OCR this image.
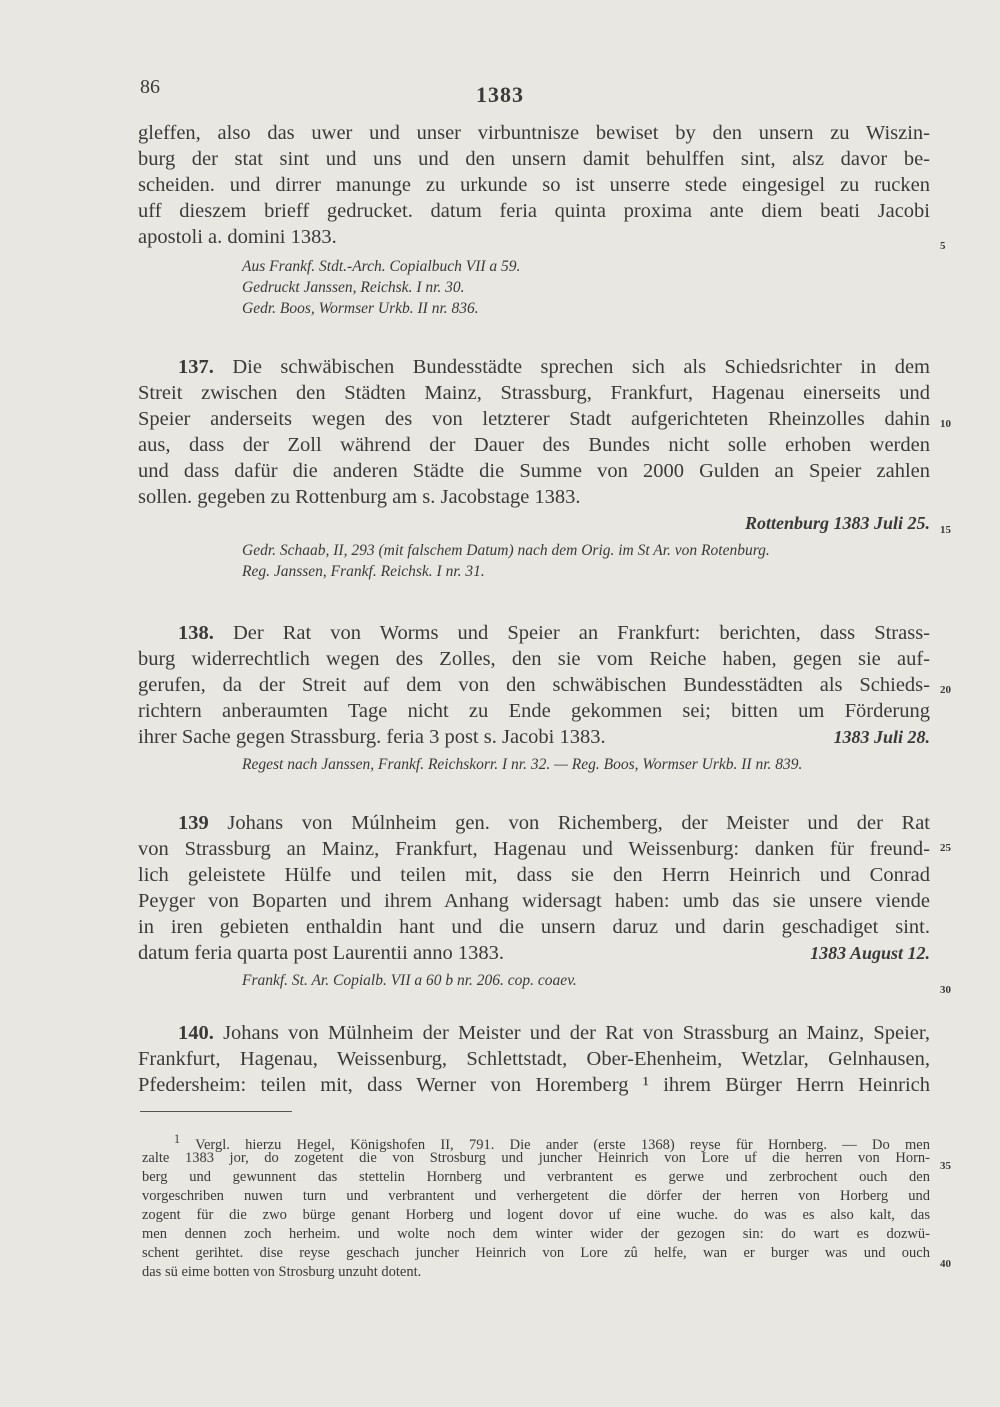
86	1383
gleffen, also das uwer und unser virbuntnisze bewiset by den unsern zu Wiszin-
burg der stat sint und uns und den unsern damit behulffen sint, alsz davor be-
scheiden. und dirrer manunge zu urkunde so ist unserre stede eingesigel zu rucken
uff dieszem brieff gedrucket. datum feria quinta proxima ante diem beati Jacobi
apostoli a. domini 1383.
Aus Frankf. Stdt.-Arch. Copialbuch VII a 59.
Gedruckt Janssen, Reichsk. I nr. 30.
Gedr. Boos, Wormser Urkb. II nr. 836.
137. Die schwäbischen Bundesstädte sprechen sich als Schiedsrichter in dem
Streit zwischen den Städten Mainz, Strassburg, Frankfurt, Hagenau einerseits und
Speier anderseits wegen des von letzterer Stadt aufgerichteten Rheinzolles dahin
aus, dass der Zoll während der Dauer des Bundes nicht solle erhoben werden
und dass dafür die anderen Städte die Summe von 2000 Gulden an Speier zahlen
sollen. gegeben zu Rottenburg am s. Jacobstage 1383.
Rottenburg 1383 Juli 25.
Gedr. Schaab, II, 293 (mit falschem Datum) nach dem Orig. im St Ar. von Rotenburg.
Reg. Janssen, Frankf. Reichsk. I nr. 31.
138. Der Rat von Worms und Speier an Frankfurt: berichten, dass Strass-
burg widerrechtlich wegen des Zolles, den sie vom Reiche haben, gegen sie auf-
gerufen, da der Streit auf dem von den schwäbischen Bundesstädten als Schieds-
richtern anberaumten Tage nicht zu Ende gekommen sei; bitten um Förderung
ihrer Sache gegen Strassburg. feria 3 post s. Jacobi 1383.	1383 Juli 28.
Regest nach Janssen, Frankf. Reichskorr. I nr. 32. — Reg. Boos, Wormser Urkb. II nr. 839.
139 Johans von Múlnheim gen. von Richemberg, der Meister und der Rat
von Strassburg an Mainz, Frankfurt, Hagenau und Weissenburg: danken für freund-
lich geleistete Hülfe und teilen mit, dass sie den Herrn Heinrich und Conrad
Peyger von Boparten und ihrem Anhang widersagt haben: umb das sie unsere viende
in iren gebieten enthaldin hant und die unsern daruz und darin geschadiget sint.
datum feria quarta post Laurentii anno 1383.	1383 August 12.
Frankf. St. Ar. Copialb. VII a 60 b nr. 206. cop. coaev.
140. Johans von Mülnheim der Meister und der Rat von Strassburg an Mainz, Speier,
Frankfurt, Hagenau, Weissenburg, Schlettstadt, Ober-Ehenheim, Wetzlar, Gelnhausen,
Pfedersheim: teilen mit, dass Werner von Horemberg ¹ ihrem Bürger Herrn Heinrich
$^1$ Vergl. hierzu Hegel, Königshofen II, 791. Die ander (erste 1368) reyse für Hornberg. — Do men
zalte 1383 jor, do zogetent die von Strosburg und juncher Heinrich von Lore uf die herren von Horn-
berg und gewunnent das stettelin Hornberg und verbrantent es gerwe und zerbrochent ouch den
vorgeschriben nuwen turn und verbrantent und verhergetent die dörfer der herren von Horberg und
zogent für die zwo bürge genant Horberg und logent dovor uf eine wuche. do was es also kalt, das
men dennen zoch herheim. und wolte noch dem winter wider der gezogen sin: do wart es dozwü-
schent gerihtet. dise reyse geschach juncher Heinrich von Lore zû helfe, wan er burger was und ouch
das sü eime botten von Strosburg unzuht dotent.
5
10
15
20
25
30
35
40
